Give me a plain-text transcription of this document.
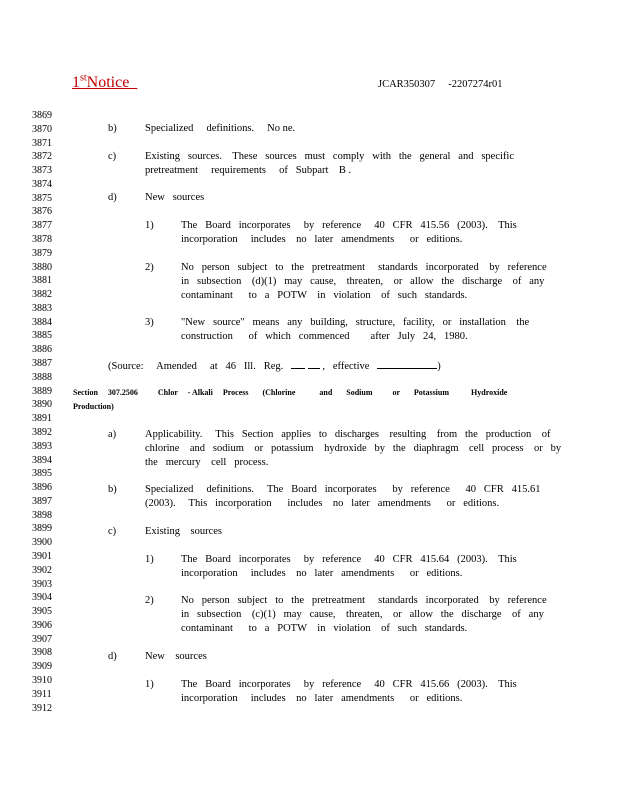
1stNotice	JCAR350307     -2207274r01
3869
3870
3871
3872
3873
3874
3875
3876
3877
3878
3879
3880
3881
3882
3883
3884
3885
3886
3887
3888
3889
3890
3891
3892
3893
3894
3895
3896
3897
3898
3899
3900
3901
3902
3903
3904
3905
3906
3907
3908
3909
3910
3911
3912
b)	Specialized     definitions.     No ne.
c)	Existing   sources.    These   sources   must   comply   with   the   general   and   specific
pretreatment     requirements     of   Subpart    B .
d)	New   sources
1)	The   Board   incorporates     by   reference     40   CFR   415.56   (2003).    This
incorporation     includes    no   later   amendments      or   editions.
2)	No   person   subject   to   the   pretreatment     standards   incorporated    by   reference
in   subsection    (d)(1)   may   cause,    threaten,    or   allow   the   discharge    of   any
contaminant      to   a   POTW    in   violation    of   such   standards.
3)	"New   source"   means   any   building,   structure,   facility,   or   installation    the
construction      of   which   commenced        after   July   24,   1980.
(Source:     Amended     at   46   Ill.   Reg.	,   effective	)
Section     307.2506          Chlor     - Alkali     Process       (Chlorine            and       Sodium          or       Potassium           Hydroxide
Production)
a)	Applicability.     This   Section   applies   to   discharges    resulting    from   the   production    of
chlorine    and   sodium    or   potassium    hydroxide   by   the   diaphragm    cell   process    or   by
the   mercury    cell   process.
b)	Specialized     definitions.     The   Board   incorporates      by   reference      40   CFR   415.61
(2003).     This   incorporation      includes    no   later   amendments      or   editions.
c)	Existing    sources
1)	The   Board   incorporates     by   reference     40   CFR   415.64   (2003).    This
incorporation     includes    no   later   amendments      or   editions.
2)	No   person   subject   to   the   pretreatment     standards   incorporated    by   reference
in   subsection    (c)(1)   may   cause,    threaten,    or   allow   the   discharge    of   any
contaminant      to   a   POTW    in   violation    of   such   standards.
d)	New    sources
1)	The   Board   incorporates     by   reference     40   CFR   415.66   (2003).    This
incorporation     includes    no   later   amendments      or   editions.
